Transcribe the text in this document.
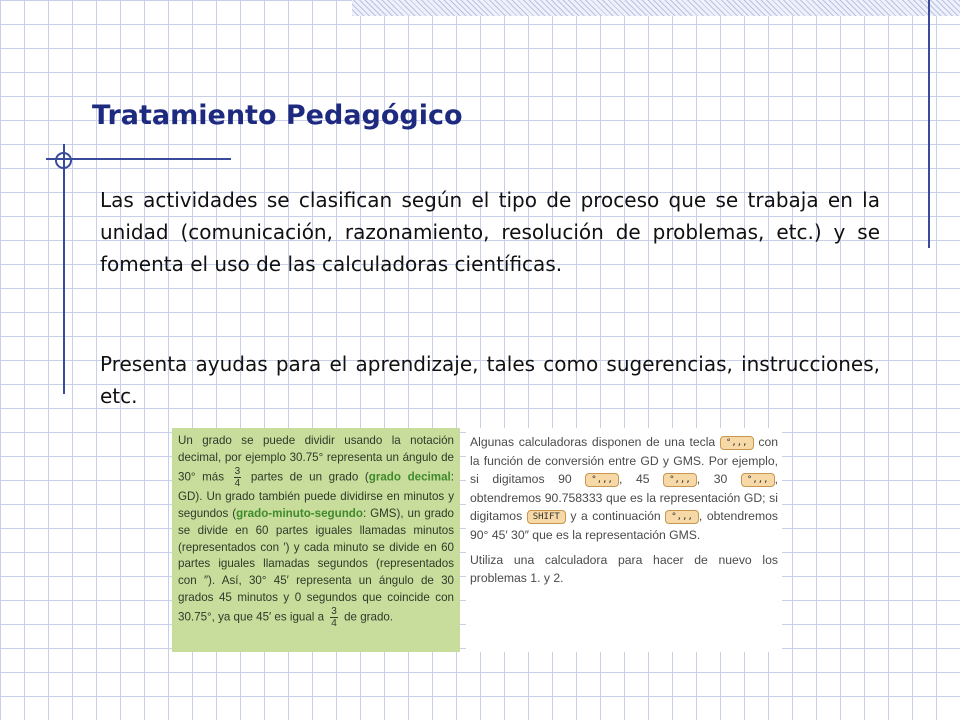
Tratamiento Pedagógico

Las actividades se clasifican según el tipo de proceso que se trabaja en la unidad (comunicación, razonamiento, resolución de problemas, etc.) y se fomenta el uso de las calculadoras científicas.

Presenta ayudas para el aprendizaje, tales como sugerencias, instrucciones, etc.

Un grado se puede dividir usando la notación decimal, por ejemplo 30.75° representa un ángulo de 30° más $\frac{3}{4}$ partes de un grado (grado decimal: GD). Un grado también puede dividirse en minutos y segundos (grado-minuto-segundo: GMS), un grado se divide en 60 partes iguales llamadas minutos (representados con ′) y cada minuto se divide en 60 partes iguales llamadas segundos (representados con ″). Así, 30° 45′ representa un ángulo de 30 grados 45 minutos y 0 segundos que coincide con 30.75°, ya que 45′ es igual a $\frac{3}{4}$ de grado.

Algunas calculadoras disponen de una tecla °,,, con la función de conversión entre GD y GMS. Por ejemplo, si digitamos 90 °,,, , 45 °,,, , 30 °,,, , obtendremos 90.758333 que es la representación GD; si digitamos SHIFT y a continuación °,,, , obtendremos 90° 45′ 30″ que es la representación GMS.

Utiliza una calculadora para hacer de nuevo los problemas 1. y 2.
